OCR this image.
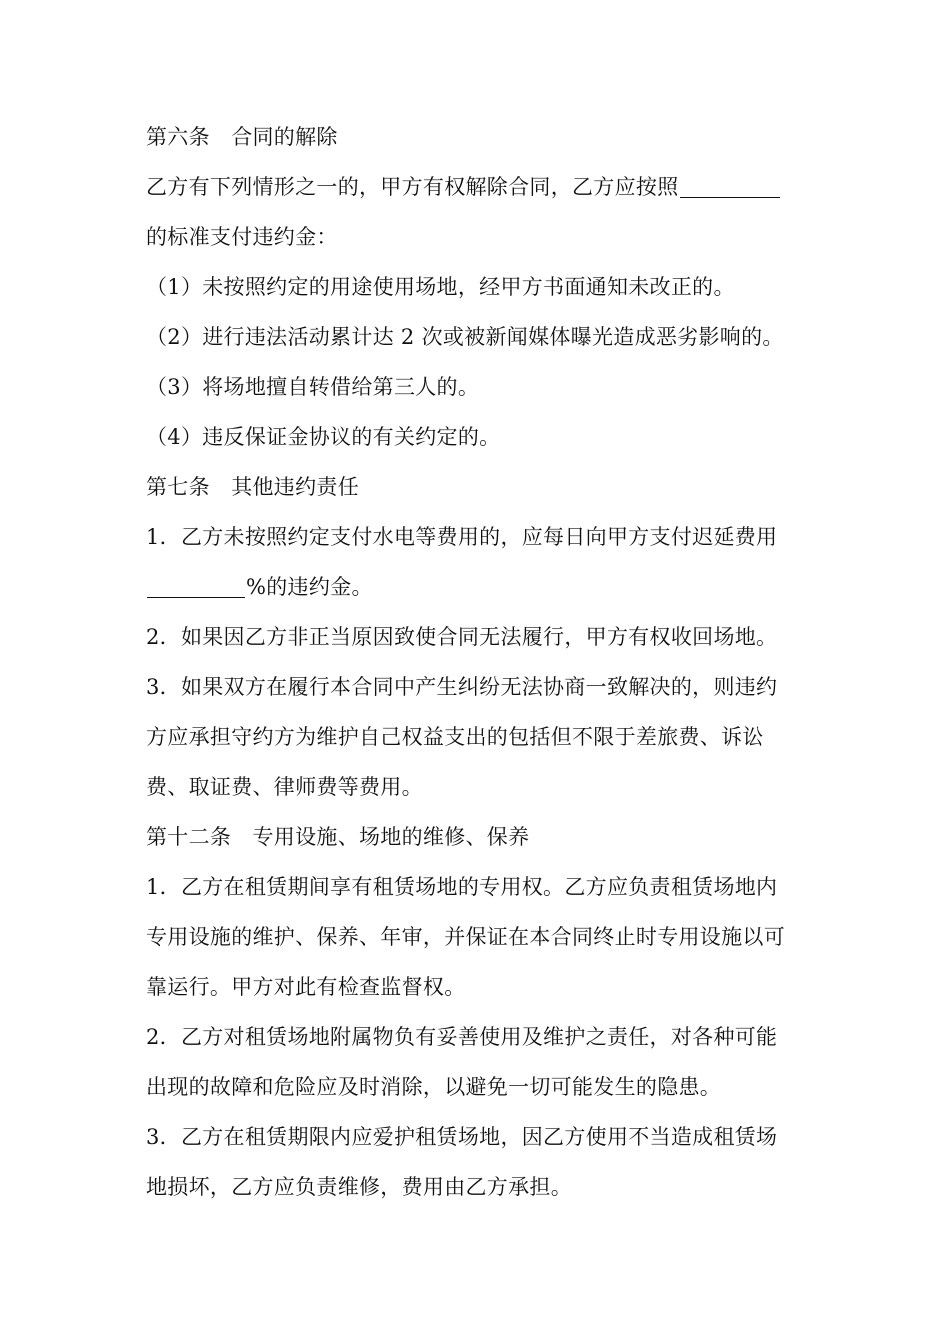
第六条　合同的解除
乙方有下列情形之一的，甲方有权解除合同，乙方应按照
的标准支付违约金：
（1）未按照约定的用途使用场地，经甲方书面通知未改正的。
（2）进行违法活动累计达 2 次或被新闻媒体曝光造成恶劣影响的。
（3）将场地擅自转借给第三人的。
（4）违反保证金协议的有关约定的。
第七条　其他违约责任
1．乙方未按照约定支付水电等费用的，应每日向甲方支付迟延费用
%的违约金。
2．如果因乙方非正当原因致使合同无法履行，甲方有权收回场地。
3．如果双方在履行本合同中产生纠纷无法协商一致解决的，则违约
方应承担守约方为维护自己权益支出的包括但不限于差旅费、诉讼
费、取证费、律师费等费用。
第十二条　专用设施、场地的维修、保养
1．乙方在租赁期间享有租赁场地的专用权。乙方应负责租赁场地内
专用设施的维护、保养、年审，并保证在本合同终止时专用设施以可
靠运行。甲方对此有检查监督权。
2．乙方对租赁场地附属物负有妥善使用及维护之责任，对各种可能
出现的故障和危险应及时消除，以避免一切可能发生的隐患。
3．乙方在租赁期限内应爱护租赁场地，因乙方使用不当造成租赁场
地损坏，乙方应负责维修，费用由乙方承担。
